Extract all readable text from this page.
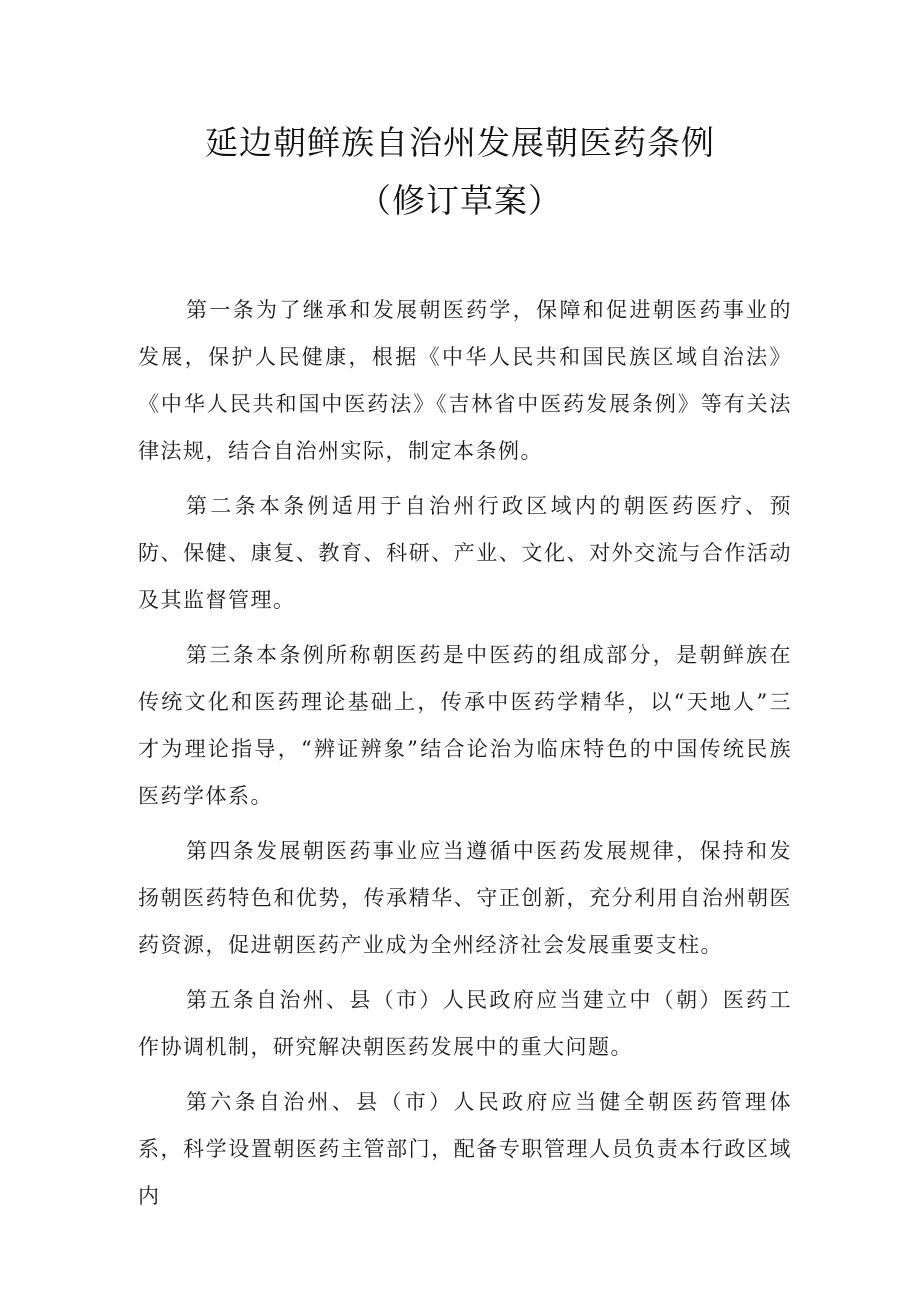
延边朝鲜族自治州发展朝医药条例
（修订草案）

第一条为了继承和发展朝医药学，保障和促进朝医药事业的发展，保护人民健康，根据《中华人民共和国民族区域自治法》《中华人民共和国中医药法》《吉林省中医药发展条例》等有关法律法规，结合自治州实际，制定本条例。

第二条本条例适用于自治州行政区域内的朝医药医疗、预防、保健、康复、教育、科研、产业、文化、对外交流与合作活动及其监督管理。

第三条本条例所称朝医药是中医药的组成部分，是朝鲜族在传统文化和医药理论基础上，传承中医药学精华，以“天地人”三才为理论指导，“辨证辨象”结合论治为临床特色的中国传统民族医药学体系。

第四条发展朝医药事业应当遵循中医药发展规律，保持和发扬朝医药特色和优势，传承精华、守正创新，充分利用自治州朝医药资源，促进朝医药产业成为全州经济社会发展重要支柱。

第五条自治州、县（市）人民政府应当建立中（朝）医药工作协调机制，研究解决朝医药发展中的重大问题。

第六条自治州、县（市）人民政府应当健全朝医药管理体系，科学设置朝医药主管部门，配备专职管理人员负责本行政区域内
